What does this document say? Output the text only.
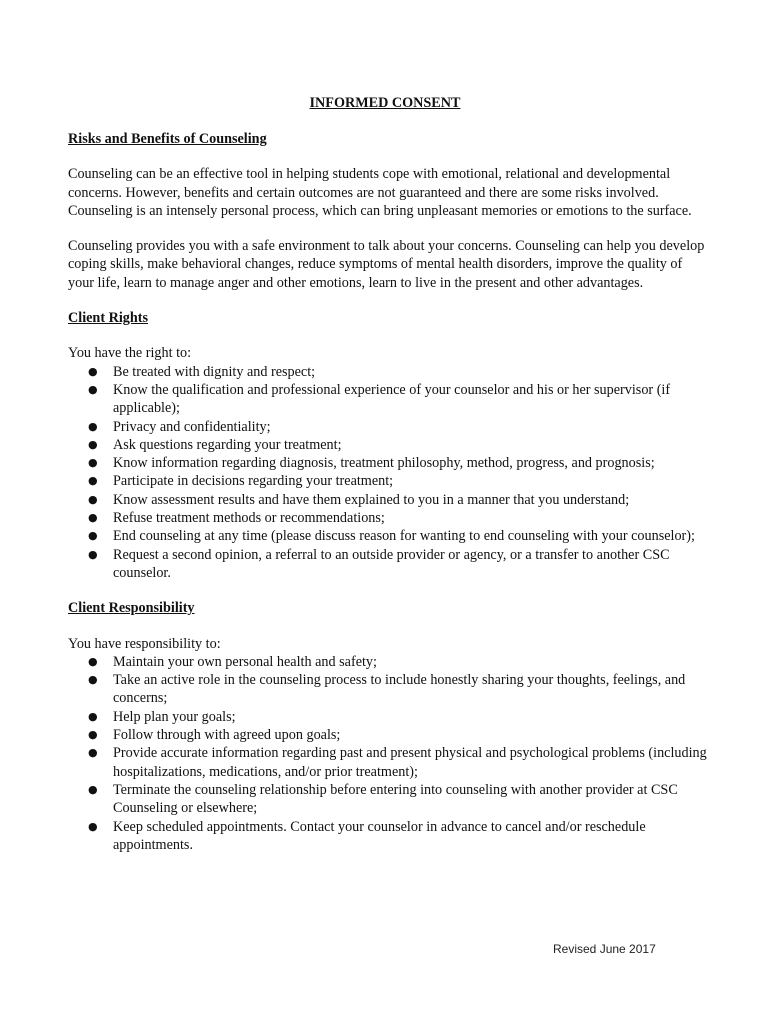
INFORMED CONSENT
Risks and Benefits of Counseling

Counseling can be an effective tool in helping students cope with emotional, relational and developmental concerns. However, benefits and certain outcomes are not guaranteed and there are some risks involved. Counseling is an intensely personal process, which can bring unpleasant memories or emotions to the surface.

Counseling provides you with a safe environment to talk about your concerns. Counseling can help you develop coping skills, make behavioral changes, reduce symptoms of mental health disorders, improve the quality of your life, learn to manage anger and other emotions, learn to live in the present and other advantages.

Client Rights

You have the right to:

● Be treated with dignity and respect;
● Know the qualification and professional experience of your counselor and his or her supervisor (if applicable);
● Privacy and confidentiality;
● Ask questions regarding your treatment;
● Know information regarding diagnosis, treatment philosophy, method, progress, and prognosis;
● Participate in decisions regarding your treatment;
● Know assessment results and have them explained to you in a manner that you understand;
● Refuse treatment methods or recommendations;
● End counseling at any time (please discuss reason for wanting to end counseling with your counselor);
● Request a second opinion, a referral to an outside provider or agency, or a transfer to another CSC counselor.
Client Responsibility

You have responsibility to:

● Maintain your own personal health and safety;
● Take an active role in the counseling process to include honestly sharing your thoughts, feelings, and concerns;
● Help plan your goals;
● Follow through with agreed upon goals;
● Provide accurate information regarding past and present physical and psychological problems (including hospitalizations, medications, and/or prior treatment);
● Terminate the counseling relationship before entering into counseling with another provider at CSC Counseling or elsewhere;
● Keep scheduled appointments. Contact your counselor in advance to cancel and/or reschedule appointments.
Revised June 2017
